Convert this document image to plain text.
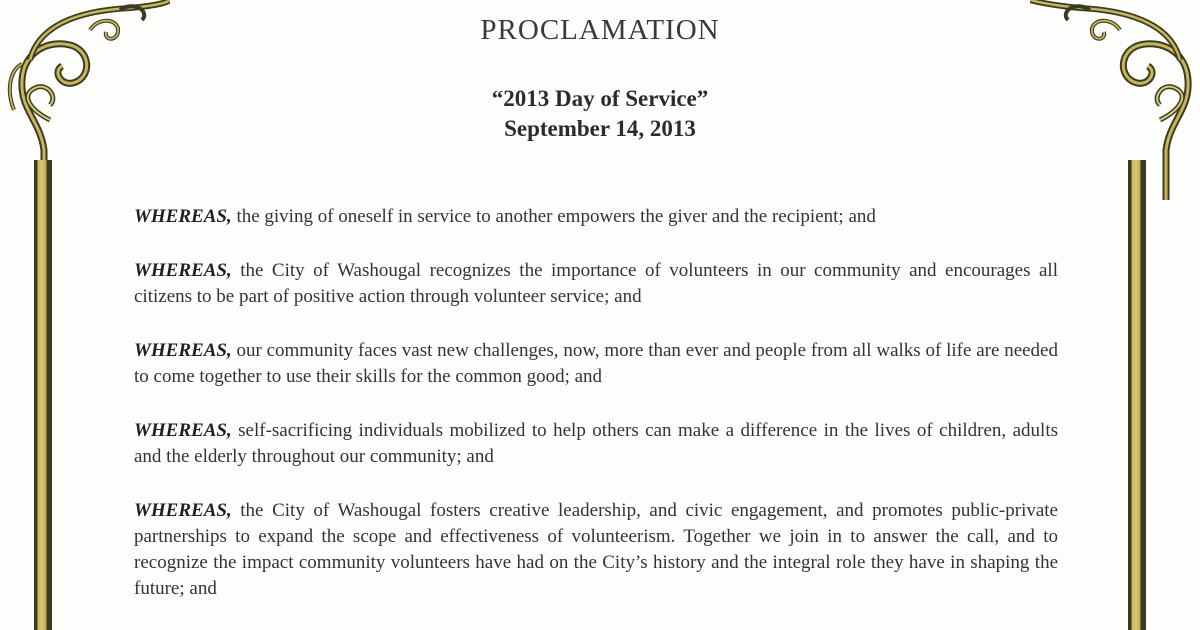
PROCLAMATION
“2013 Day of Service”
September 14, 2013

WHEREAS, the giving of oneself in service to another empowers the giver and the recipient; and

WHEREAS, the City of Washougal recognizes the importance of volunteers in our community and encourages all citizens to be part of positive action through volunteer service; and

WHEREAS, our community faces vast new challenges, now, more than ever and people from all walks of life are needed to come together to use their skills for the common good; and

WHEREAS, self-sacrificing individuals mobilized to help others can make a difference in the lives of children, adults and the elderly throughout our community; and

WHEREAS, the City of Washougal fosters creative leadership, and civic engagement, and promotes public-private partnerships to expand the scope and effectiveness of volunteerism. Together we join in to answer the call, and to recognize the impact community volunteers have had on the City’s history and the integral role they have in shaping the future; and
